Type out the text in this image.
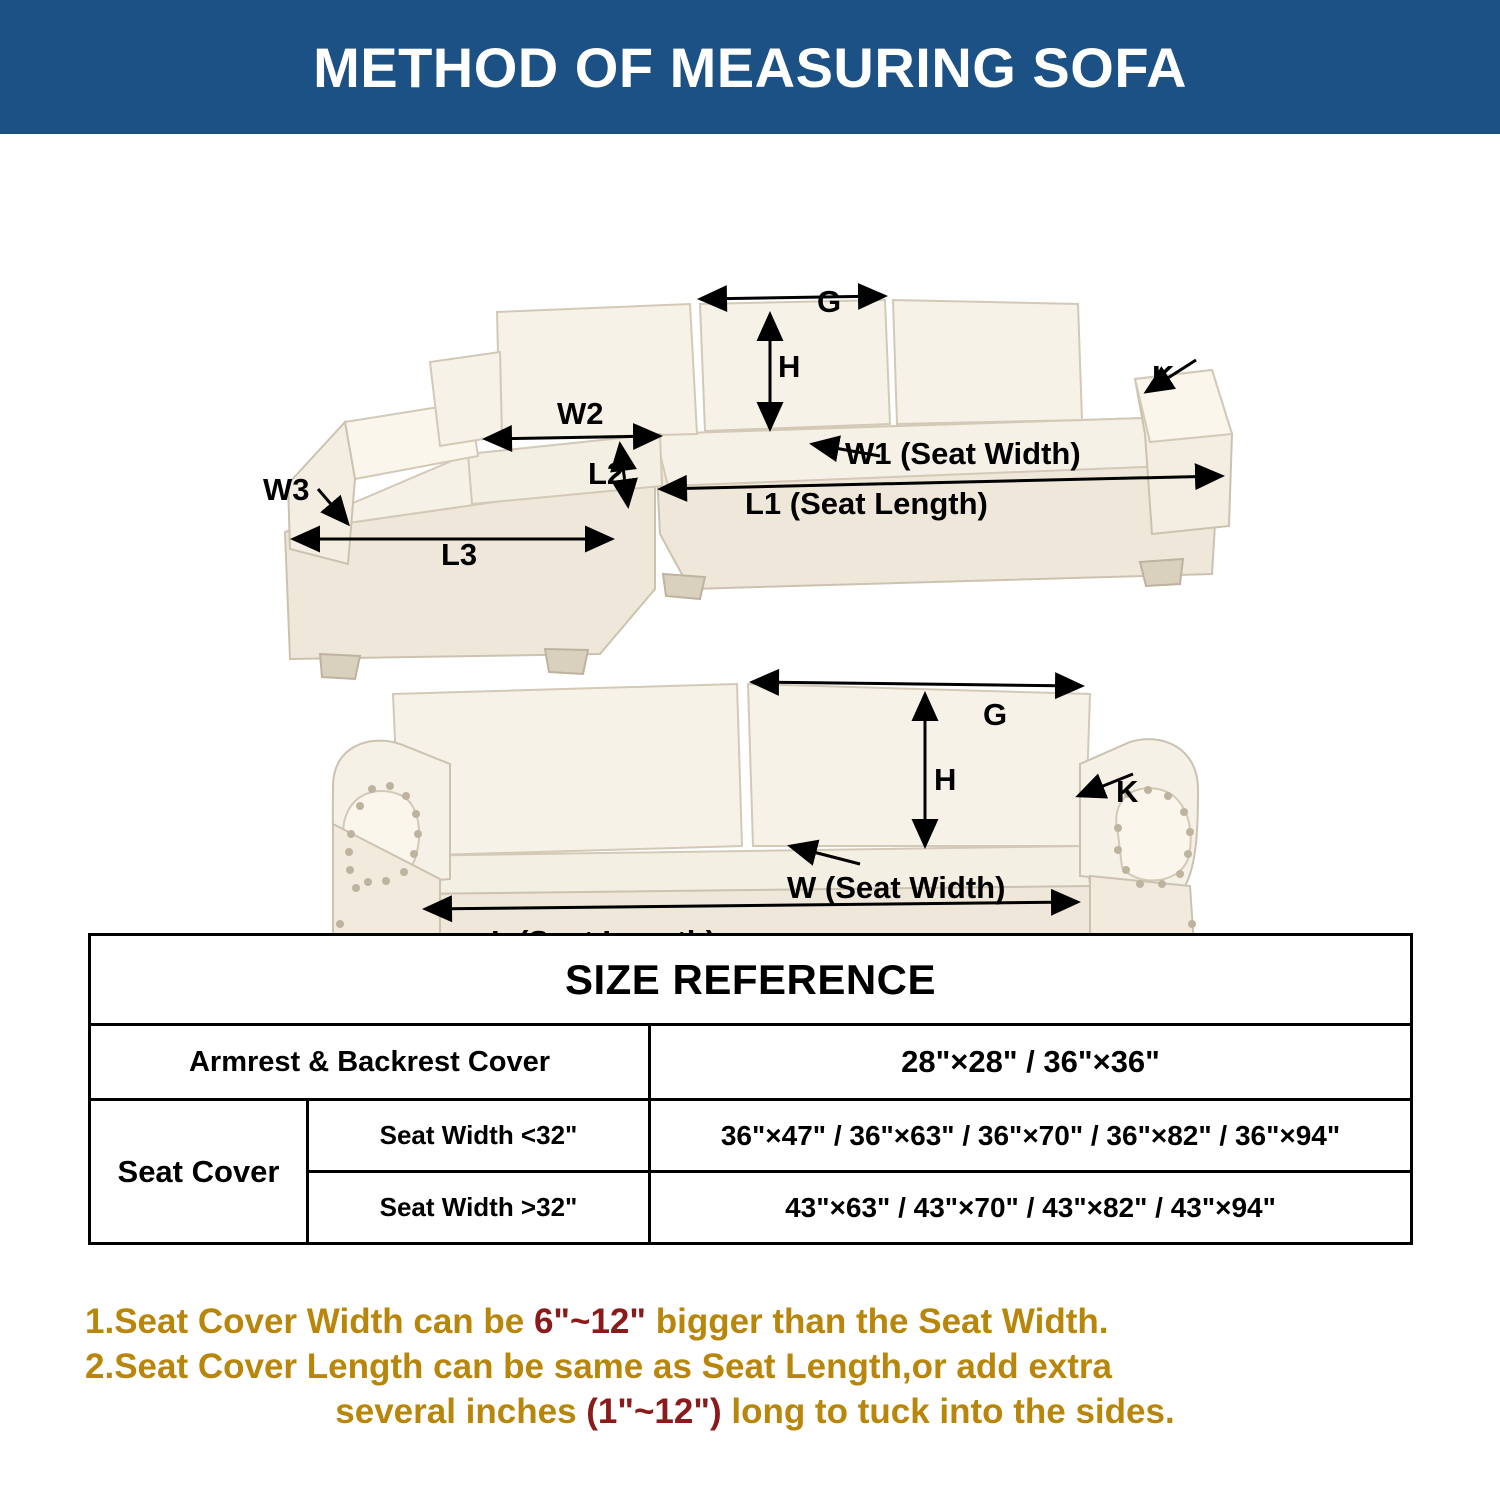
METHOD OF MEASURING SOFA
G
H	K
W1 (Seat Width)
W2
W3	L1 (Seat Length)
L2
L3
G
H	K
W (Seat Width)
SIZE REFERENCE		
Armrest & Backrest Cover		28"×28" / 36"×36"
Seat Cover	Seat Width <32"	36"×47" / 36"×63" / 36"×70" / 36"×82" / 36"×94"
	Seat Width >32"	43"×63" / 43"×70" / 43"×82" / 43"×94"
1.Seat Cover Width can be 6"~12" bigger than the Seat Width.
2.Seat Cover Length can be same as Seat Length,or add extra
several inches (1"~12") long to tuck into the sides.
